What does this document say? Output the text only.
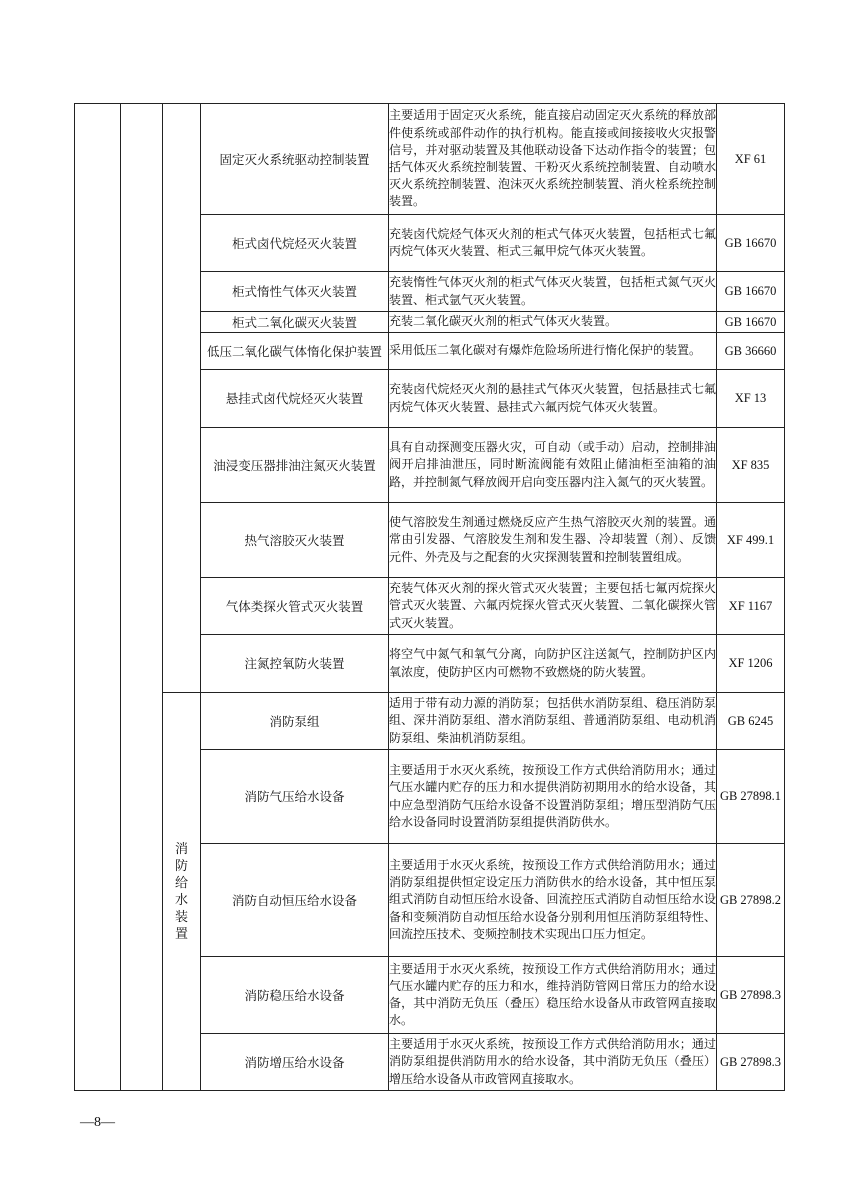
			固定灭火系统驱动控制装置	主要适用于固定灭火系统，能直接启动固定灭火系统的释放部件使系统或部件动作的执行机构。能直接或间接接收火灾报警信号，并对驱动装置及其他联动设备下达动作指令的装置；包括气体灭火系统控制装置、干粉灭火系统控制装置、自动喷水灭火系统控制装置、泡沫灭火系统控制装置、消火栓系统控制装置。	XF 61
			柜式卤代烷烃灭火装置	充装卤代烷烃气体灭火剂的柜式气体灭火装置，包括柜式七氟丙烷气体灭火装置、柜式三氟甲烷气体灭火装置。	GB 16670
			柜式惰性气体灭火装置	充装惰性气体灭火剂的柜式气体灭火装置，包括柜式氮气灭火装置、柜式氩气灭火装置。	GB 16670
			柜式二氧化碳灭火装置	充装二氧化碳灭火剂的柜式气体灭火装置。	GB 16670
			低压二氧化碳气体惰化保护装置	采用低压二氧化碳对有爆炸危险场所进行惰化保护的装置。	GB 36660
			悬挂式卤代烷烃灭火装置	充装卤代烷烃灭火剂的悬挂式气体灭火装置，包括悬挂式七氟丙烷气体灭火装置、悬挂式六氟丙烷气体灭火装置。	XF 13
			油浸变压器排油注氮灭火装置	具有自动探测变压器火灾，可自动（或手动）启动，控制排油阀开启排油泄压，同时断流阀能有效阻止储油柜至油箱的油路，并控制氮气释放阀开启向变压器内注入氮气的灭火装置。	XF 835
			热气溶胶灭火装置	使气溶胶发生剂通过燃烧反应产生热气溶胶灭火剂的装置。通常由引发器、气溶胶发生剂和发生器、冷却装置（剂）、反馈元件、外壳及与之配套的火灾探测装置和控制装置组成。	XF 499.1
			气体类探火管式灭火装置	充装气体灭火剂的探火管式灭火装置；主要包括七氟丙烷探火管式灭火装置、六氟丙烷探火管式灭火装置、二氧化碳探火管式灭火装置。	XF 1167
			注氮控氧防火装置	将空气中氮气和氧气分离，向防护区注送氮气，控制防护区内氧浓度，使防护区内可燃物不致燃烧的防火装置。	XF 1206

		消防给水装置	消防泵组	适用于带有动力源的消防泵；包括供水消防泵组、稳压消防泵组、深井消防泵组、潜水消防泵组、普通消防泵组、电动机消防泵组、柴油机消防泵组。	GB 6245
			消防气压给水设备	主要适用于水灭火系统，按预设工作方式供给消防用水；通过气压水罐内贮存的压力和水提供消防初期用水的给水设备，其中应急型消防气压给水设备不设置消防泵组；增压型消防气压给水设备同时设置消防泵组提供消防供水。	GB 27898.1
			消防自动恒压给水设备	主要适用于水灭火系统，按预设工作方式供给消防用水；通过消防泵组提供恒定设定压力消防供水的给水设备，其中恒压泵组式消防自动恒压给水设备、回流控压式消防自动恒压给水设备和变频消防自动恒压给水设备分别利用恒压消防泵组特性、回流控压技术、变频控制技术实现出口压力恒定。	GB 27898.2
			消防稳压给水设备	主要适用于水灭火系统，按预设工作方式供给消防用水；通过气压水罐内贮存的压力和水，维持消防管网日常压力的给水设备，其中消防无负压（叠压）稳压给水设备从市政管网直接取水。	GB 27898.3
			消防增压给水设备	主要适用于水灭火系统，按预设工作方式供给消防用水；通过消防泵组提供消防用水的给水设备，其中消防无负压（叠压）增压给水设备从市政管网直接取水。	GB 27898.3
—8—
